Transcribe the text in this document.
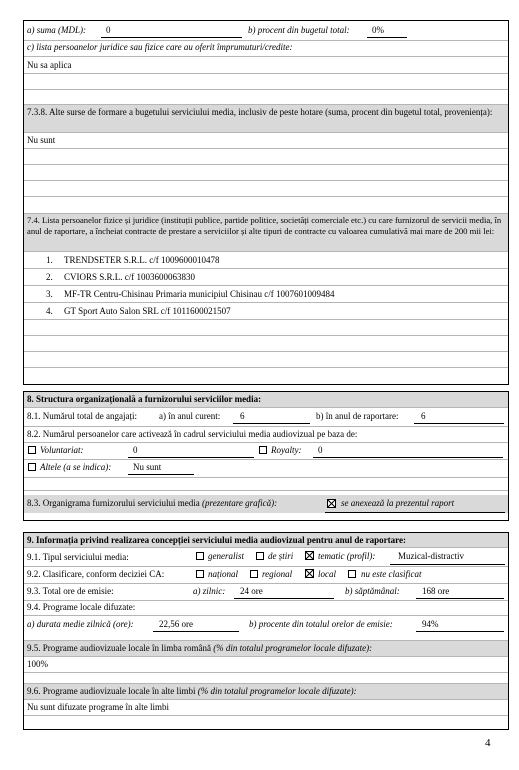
a) suma (MDL): 0	b) procent din bugetul total: 0%
c) lista persoanelor juridice sau fizice care au oferit împrumuturi/credite:
Nu sa aplica
7.3.8. Alte surse de formare a bugetului serviciului media, inclusiv de peste hotare (suma, procent din bugetul total, proveniența):
Nu sunt
7.4. Lista persoanelor fizice și juridice (instituții publice, partide politice, societăți comerciale etc.) cu care furnizorul de servicii media, în anul de raportare, a încheiat contracte de prestare a serviciilor și alte tipuri de contracte cu valoarea cumulativă mai mare de 200 mii lei:
1. TRENDSETER S.R.L. c/f 1009600010478
2. CVIORS S.R.L. c/f 1003600063830
3. MF-TR Centru-Chisinau Primaria municipiul Chisinau c/f 1007601009484
4. GT Sport Auto Salon SRL c/f 1011600021507
8. Structura organizațională a furnizorului serviciilor media:
8.1. Numărul total de angajați: a) în anul curent: 6	b) în anul de raportare:	6
8.2. Numărul persoanelor care activează în cadrul serviciului media audiovizual pe baza de:
Voluntariat:	0	Royalty: 0
Altele (a se indica): Nu sunt
8.3. Organigrama furnizorului serviciului media (prezentare grafică):	se anexează la prezentul raport
9. Informația privind realizarea concepției serviciului media audiovizual pentru anul de raportare:
9.1. Tipul serviciului media:	generalist	de știri	tematic (profil):	Muzical-distractiv
9.2. Clasificare, conform deciziei CA:	național	regional	local	nu este clasificat
9.3. Total ore de emisie:	a) zilnic: 24 ore	b) săptămânal: 168 ore
9.4. Programe locale difuzate:
a) durata medie zilnică (ore):	22,56 ore	b) procente din totalul orelor de emisie:	94%
9.5. Programe audiovizuale locale în limba română (% din totalul programelor locale difuzate):
100%
9.6. Programe audiovizuale locale în alte limbi (% din totalul programelor locale difuzate):
Nu sunt difuzate programe în alte limbi
4
